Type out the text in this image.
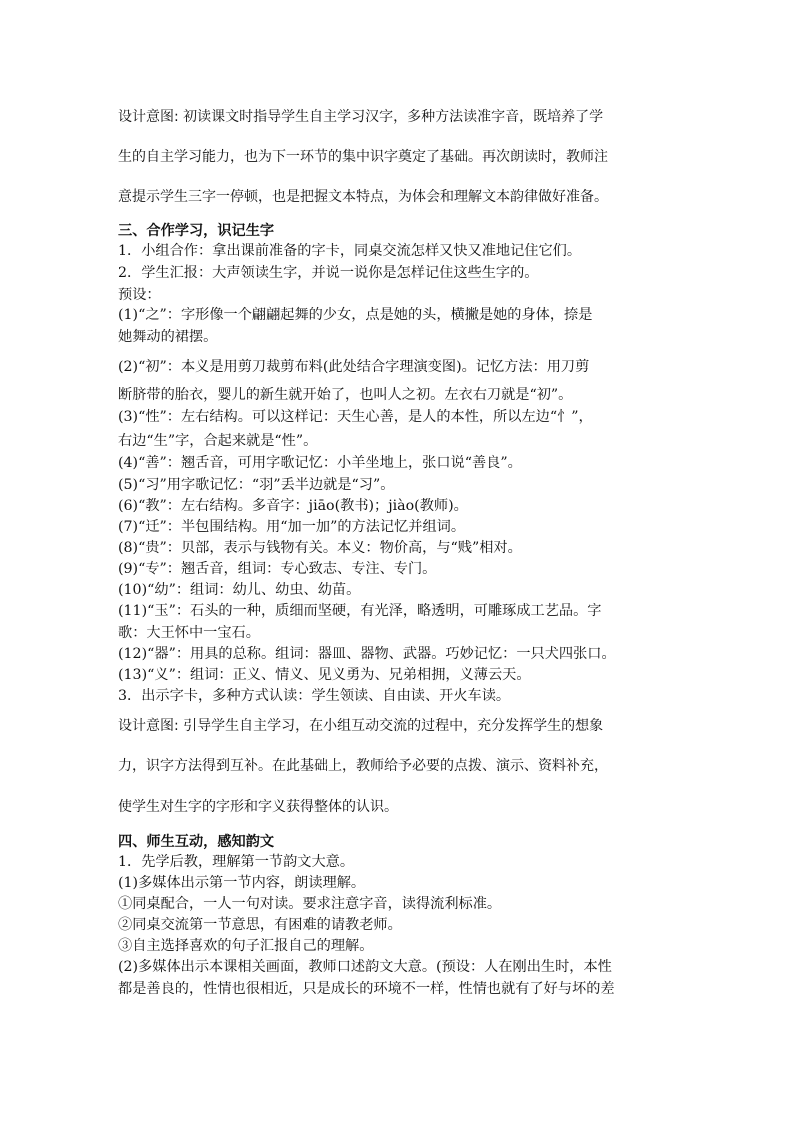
设计意图: 初读课文时指导学生自主学习汉字，多种方法读准字音，既培养了学
生的自主学习能力，也为下一环节的集中识字奠定了基础。再次朗读时，教师注
意提示学生三字一停顿，也是把握文本特点，为体会和理解文本韵律做好准备。
三、合作学习，识记生字
1．小组合作：拿出课前准备的字卡，同桌交流怎样又快又准地记住它们。
2．学生汇报：大声领读生字，并说一说你是怎样记住这些生字的。
预设：
(1)“之”：字形像一个翩翩起舞的少女，点是她的头，横撇是她的身体，捺是
她舞动的裙摆。
(2)“初”：本义是用剪刀裁剪布料(此处结合字理演变图)。记忆方法：用刀剪
断脐带的胎衣，婴儿的新生就开始了，也叫人之初。左衣右刀就是“初”。
(3)“性”：左右结构。可以这样记：天生心善，是人的本性，所以左边“忄”，
右边“生”字，合起来就是“性”。
(4)“善”：翘舌音，可用字歌记忆：小羊坐地上，张口说“善良”。
(5)“习”用字歌记忆：“羽”丢半边就是“习”。
(6)“教”：左右结构。多音字：jiāo(教书)；jiào(教师)。
(7)“迁”：半包围结构。用“加一加”的方法记忆并组词。
(8)“贵”：贝部，表示与钱物有关。本义：物价高，与“贱”相对。
(9)“专”：翘舌音，组词：专心致志、专注、专门。
(10)“幼”：组词：幼儿、幼虫、幼苗。
(11)“玉”：石头的一种，质细而坚硬，有光泽，略透明，可雕琢成工艺品。字
歌：大王怀中一宝石。
(12)“器”：用具的总称。组词：器皿、器物、武器。巧妙记忆：一只犬四张口。
(13)“义”：组词：正义、情义、见义勇为、兄弟相拥，义薄云天。
3．出示字卡，多种方式认读：学生领读、自由读、开火车读。
设计意图: 引导学生自主学习，在小组互动交流的过程中，充分发挥学生的想象
力，识字方法得到互补。在此基础上，教师给予必要的点拨、演示、资料补充，
使学生对生字的字形和字义获得整体的认识。
四、师生互动，感知韵文
1．先学后教，理解第一节韵文大意。
(1)多媒体出示第一节内容，朗读理解。
①同桌配合，一人一句对读。要求注意字音，读得流利标准。
②同桌交流第一节意思，有困难的请教老师。
③自主选择喜欢的句子汇报自己的理解。
(2)多媒体出示本课相关画面，教师口述韵文大意。(预设：人在刚出生时，本性
都是善良的，性情也很相近，只是成长的环境不一样，性情也就有了好与坏的差
